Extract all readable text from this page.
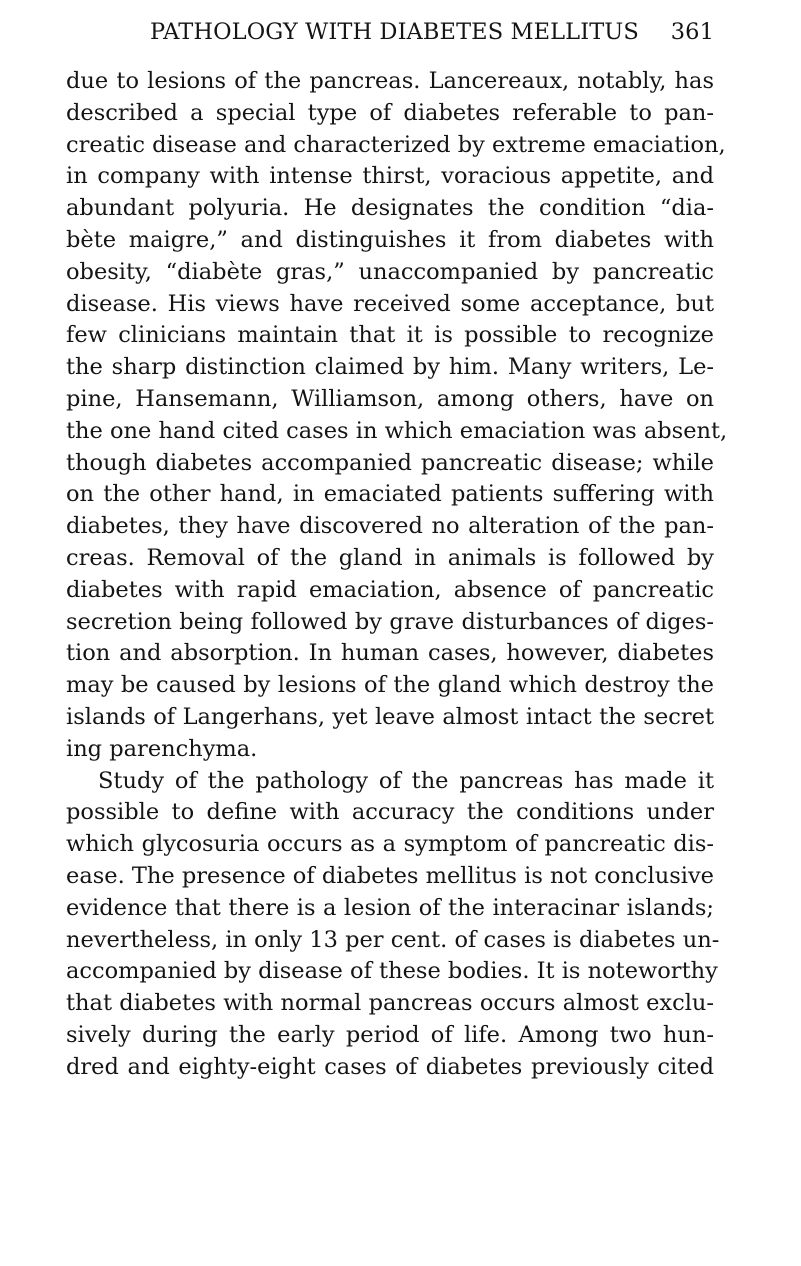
PATHOLOGY WITH DIABETES MELLITUS 361
due to lesions of the pancreas. Lancereaux, notably, has
described a special type of diabetes referable to pan-
creatic disease and characterized by extreme emaciation,
in company with intense thirst, voracious appetite, and
abundant polyuria. He designates the condition “dia-
bète maigre,” and distinguishes it from diabetes with
obesity, “diabète gras,” unaccompanied by pancreatic
disease. His views have received some acceptance, but
few clinicians maintain that it is possible to recognize
the sharp distinction claimed by him. Many writers, Le-
pine, Hansemann, Williamson, among others, have on
the one hand cited cases in which emaciation was absent,
though diabetes accompanied pancreatic disease; while
on the other hand, in emaciated patients suffering with
diabetes, they have discovered no alteration of the pan-
creas. Removal of the gland in animals is followed by
diabetes with rapid emaciation, absence of pancreatic
secretion being followed by grave disturbances of diges-
tion and absorption. In human cases, however, diabetes
may be caused by lesions of the gland which destroy the
islands of Langerhans, yet leave almost intact the secret
ing parenchyma.
Study of the pathology of the pancreas has made it
possible to define with accuracy the conditions under
which glycosuria occurs as a symptom of pancreatic dis-
ease. The presence of diabetes mellitus is not conclusive
evidence that there is a lesion of the interacinar islands;
nevertheless, in only 13 per cent. of cases is diabetes un-
accompanied by disease of these bodies. It is noteworthy
that diabetes with normal pancreas occurs almost exclu-
sively during the early period of life. Among two hun-
dred and eighty-eight cases of diabetes previously cited
